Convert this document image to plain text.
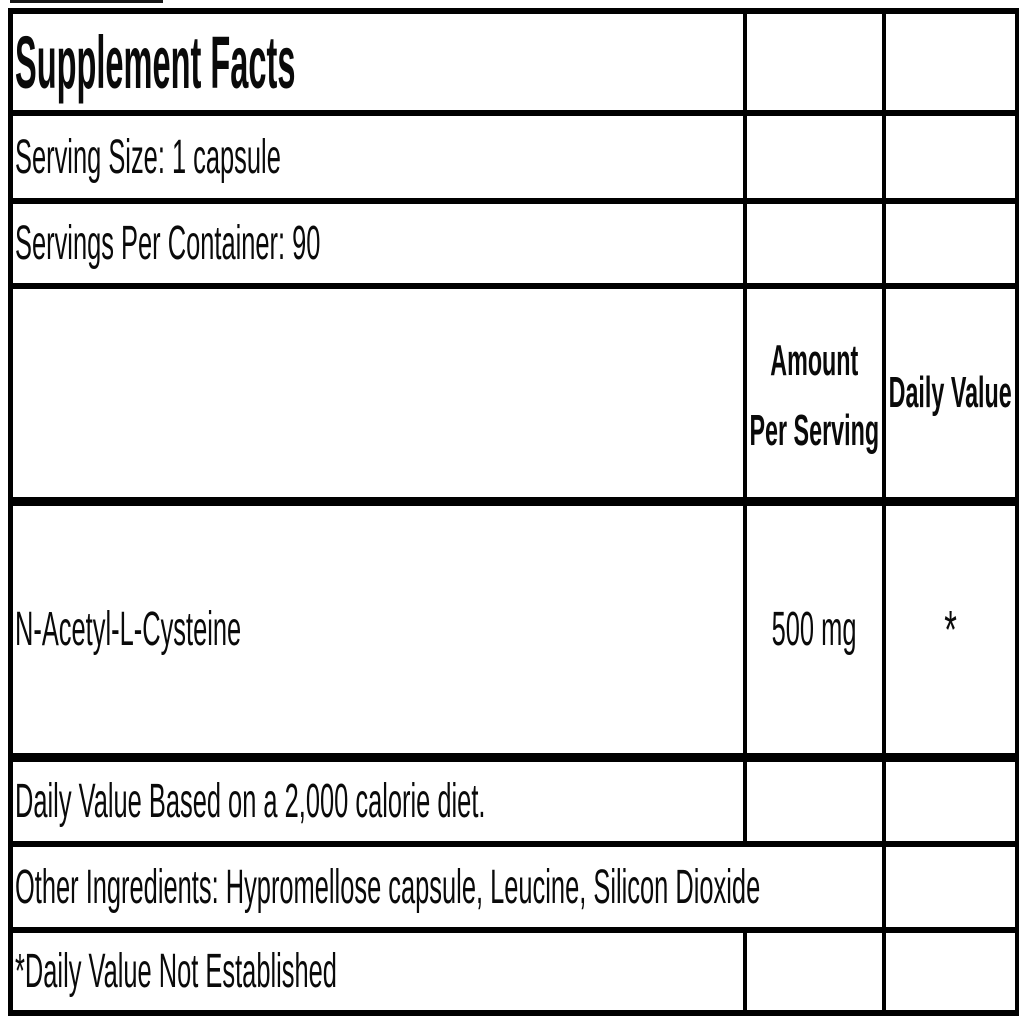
Supplement Facts
Serving Size: 1 capsule
Servings Per Container: 90
Amount
Per Serving
Daily Value
N-Acetyl-L-Cysteine	500 mg *
Daily Value Based on a 2,000 calorie diet.
Other Ingredients: Hypromellose capsule, Leucine, Silicon Dioxide
*Daily Value Not Established
